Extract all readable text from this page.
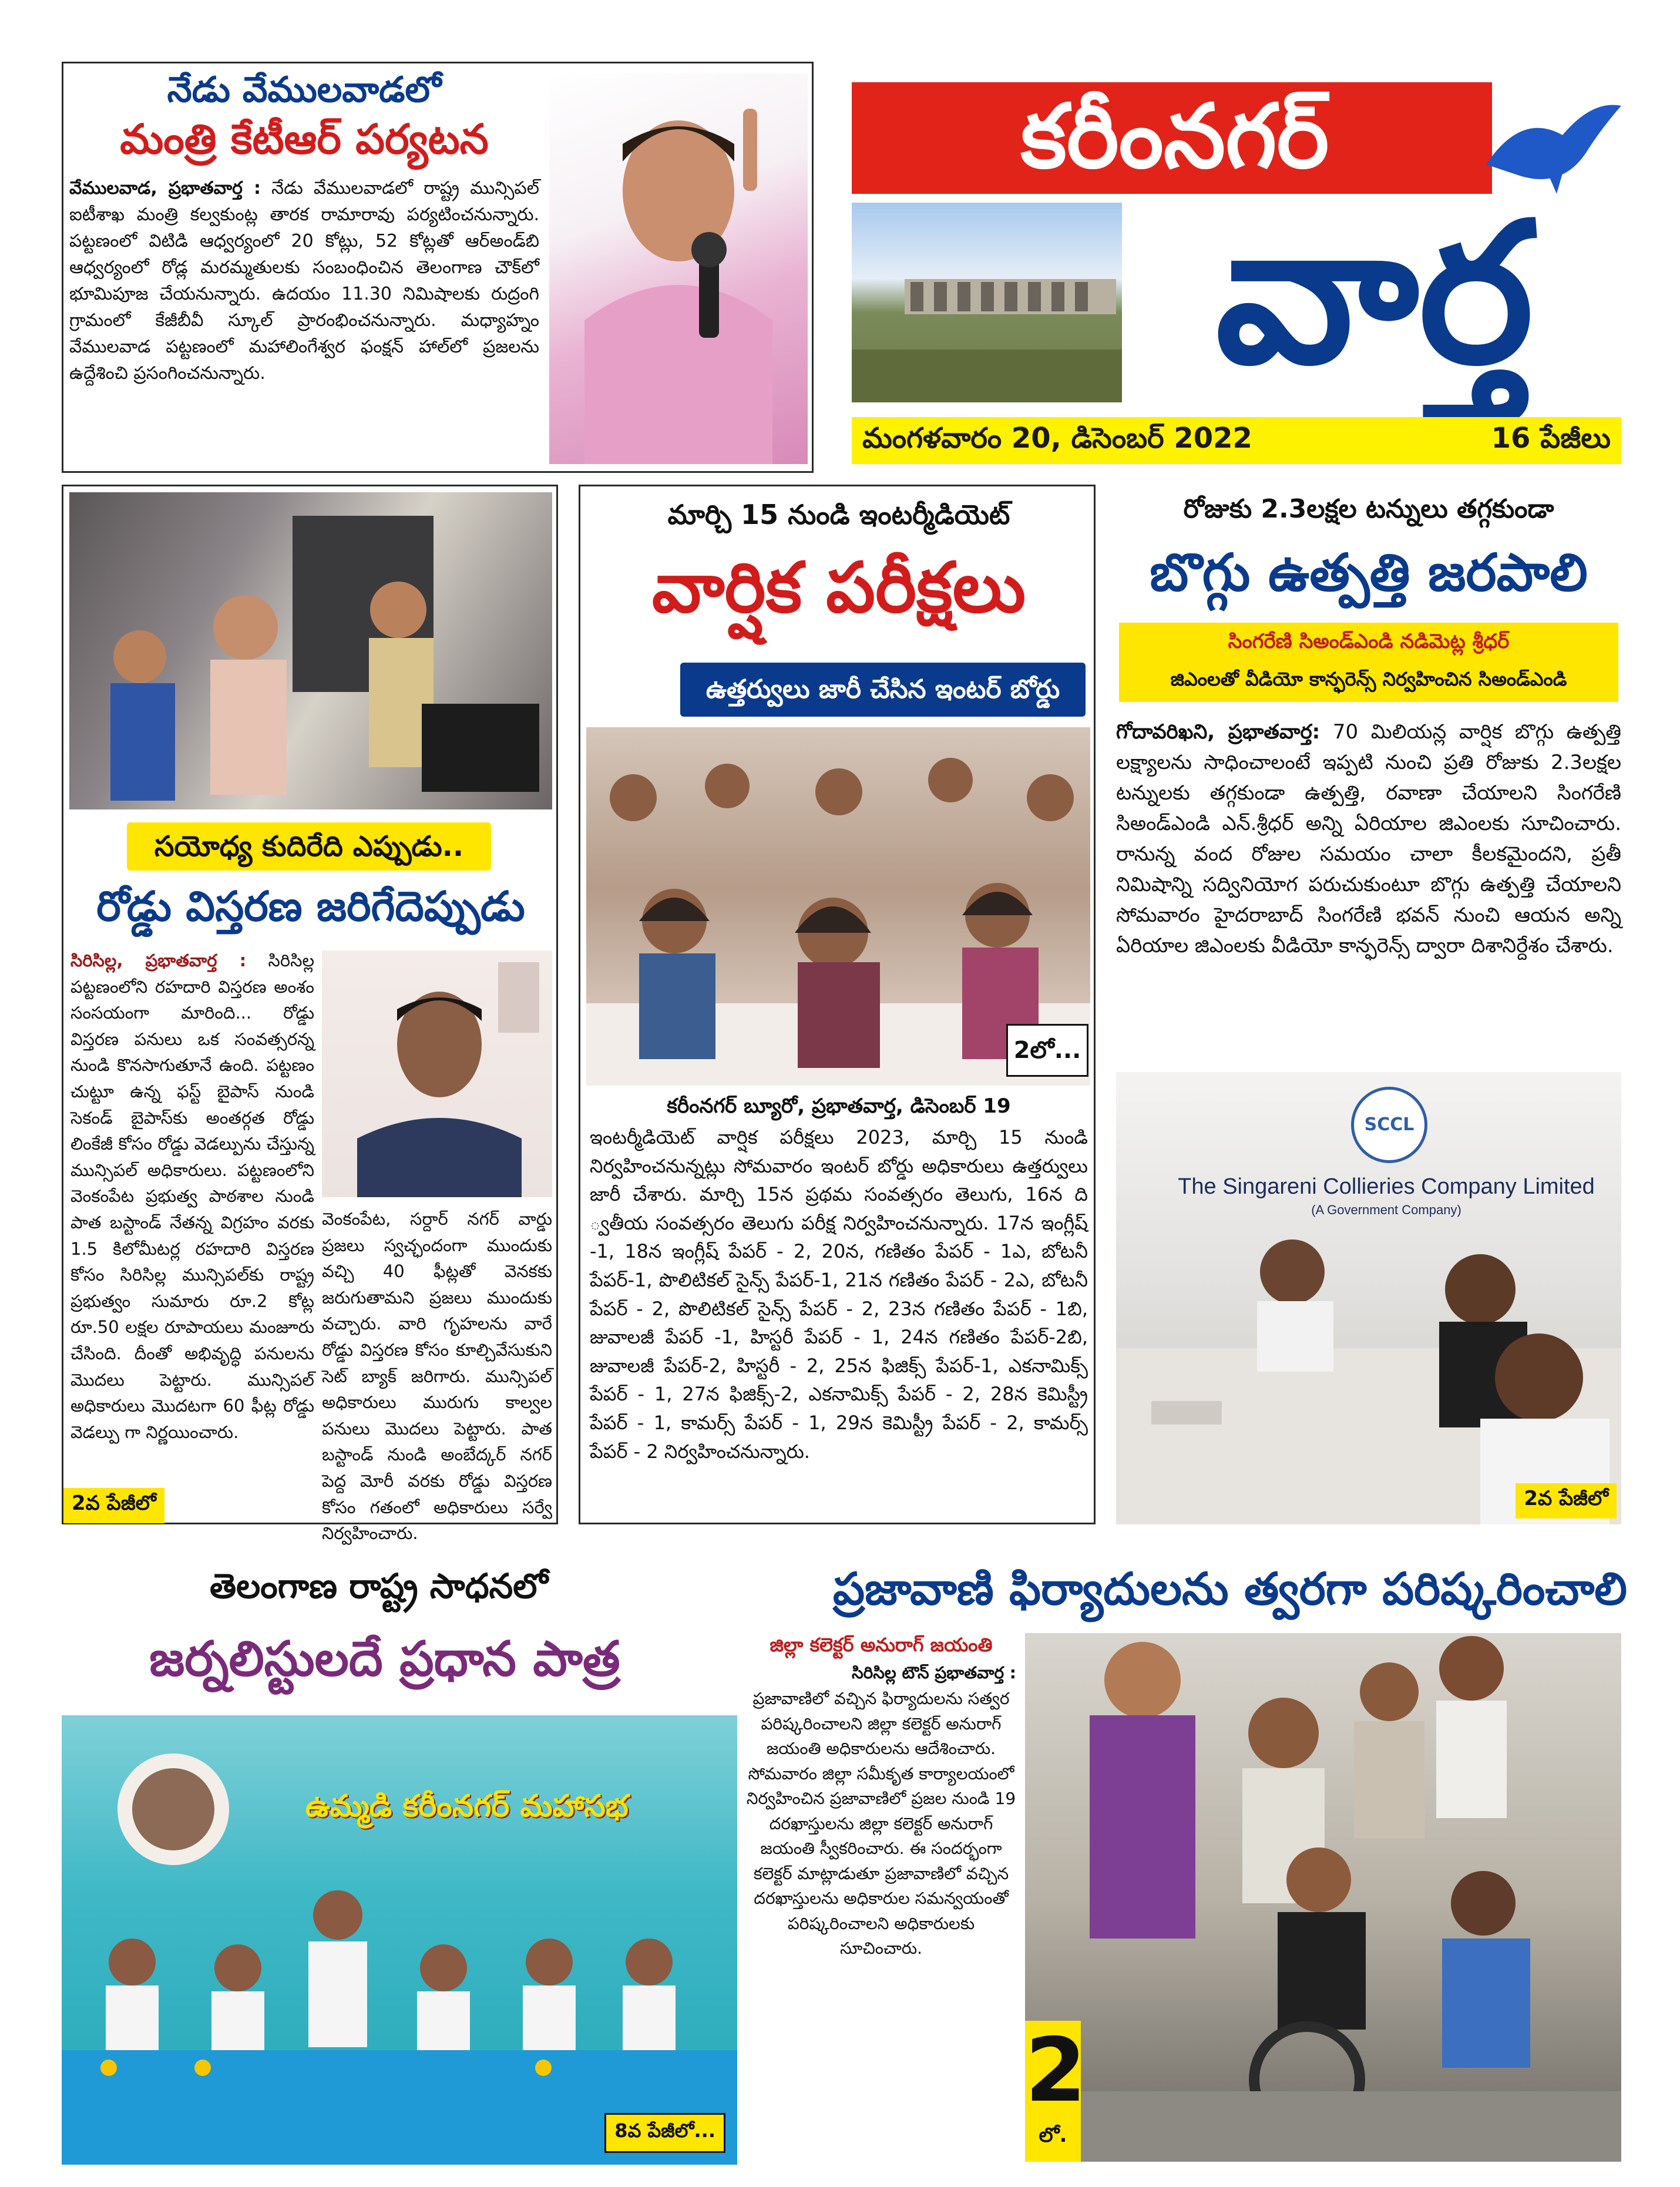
నేడు వేములవాడలో
మంత్రి కేటీఆర్ పర్యటన
వేములవాడ, ప్రభాతవార్త : నేడు వేములవాడలో రాష్ట్ర మున్సిపల్ ఐటీశాఖ మంత్రి కల్వకుంట్ల తారక రామారావు పర్యటించనున్నారు. పట్టణంలో విటిడి ఆధ్వర్యంలో 20 కోట్లు, 52 కోట్లతో ఆర్అండ్‌బి ఆధ్వర్యంలో రోడ్ల మరమ్మతులకు సంబంధించిన తెలంగాణ చౌక్‌లో భూమిపూజ చేయనున్నారు. ఉదయం 11.30 నిమిషాలకు రుద్రంగి గ్రామంలో కేజీబీవీ స్కూల్ ప్రారంభించనున్నారు. మధ్యాహ్నం వేములవాడ పట్టణంలో మహాలింగేశ్వర ఫంక్షన్ హాల్‌లో ప్రజలను ఉద్దేశించి ప్రసంగించనున్నారు.
కరీంనగర్
వార్త
మంగళవారం 20, డిసెంబర్ 2022	16 పేజీలు
సయోధ్య కుదిరేది ఎప్పుడు..
రోడ్డు విస్తరణ జరిగేదెప్పుడు
సిరిసిల్ల, ప్రభాతవార్త : సిరిసిల్ల పట్టణంలోని రహదారి విస్తరణ అంశం సంసయంగా మారింది... రోడ్డు విస్తరణ పనులు ఒక సంవత్సరన్న నుండి కొనసాగుతూనే ఉంది. పట్టణం చుట్టూ ఉన్న ఫస్ట్ బైపాస్ నుండి సెకండ్ బైపాస్‌కు అంతర్గత రోడ్డు లింకేజీ కోసం రోడ్డు వెడల్పును చేస్తున్న మున్సిపల్ అధికారులు. పట్టణంలోని వెంకంపేట ప్రభుత్వ పాఠశాల నుండి పాత బస్టాండ్ నేతన్న విగ్రహం వరకు 1.5 కిలోమీటర్ల రహదారి విస్తరణ కోసం సిరిసిల్ల మున్సిపల్‌కు రాష్ట్ర ప్రభుత్వం సుమారు రూ.2 కోట్ల రూ.50 లక్షల రూపాయలు మంజూరు చేసింది. దీంతో అభివృద్ధి పనులను మొదలు పెట్టారు. మున్సిపల్ అధికారులు మొదటగా 60 ఫీట్ల రోడ్డు వెడల్పు గా నిర్ణయించారు.
వెంకంపేట, సర్దార్ నగర్ వార్డు ప్రజలు స్వచ్ఛందంగా ముందుకు వచ్చి 40 ఫీట్లతో వెనకకు జరుగుతామని ప్రజలు ముందుకు వచ్చారు. వారి గృహలను వారే రోడ్డు విస్తరణ కోసం కూల్చివేసుకుని సెట్ బ్యాక్ జరిగారు. మున్సిపల్ అధికారులు మురుగు కాల్వల పనులు మొదలు పెట్టారు. పాత బస్టాండ్ నుండి అంబేద్కర్ నగర్ పెద్ద మోరీ వరకు రోడ్డు విస్తరణ కోసం గతంలో అధికారులు సర్వే నిర్వహించారు.
2వ పేజీలో
మార్చి 15 నుండి ఇంటర్మీడియెట్
వార్షిక పరీక్షలు
ఉత్తర్వులు జారీ చేసిన ఇంటర్ బోర్డు
2లో...
కరీంనగర్ బ్యూరో, ప్రభాతవార్త, డిసెంబర్ 19
ఇంటర్మీడియెట్ వార్షిక పరీక్షలు 2023, మార్చి 15 నుండి నిర్వహించనున్నట్లు సోమవారం ఇంటర్ బోర్డు అధికారులు ఉత్తర్వులు జారీ చేశారు. మార్చి 15న ప్రథమ సంవత్సరం తెలుగు, 16న ది ్వతీయ సంవత్సరం తెలుగు పరీక్ష నిర్వహించనున్నారు. 17న ఇంగ్లీష్ -1, 18న ఇంగ్లీష్ పేపర్ - 2, 20న, గణితం పేపర్ - 1ఎ, బోటనీ పేపర్-1, పొలిటికల్ సైన్స్ పేపర్-1, 21న గణితం పేపర్ - 2ఎ, బోటనీ పేపర్ - 2, పొలిటికల్ సైన్స్ పేపర్ - 2, 23న గణితం పేపర్ - 1బి, జువాలజీ పేపర్ -1, హిస్టరీ పేపర్ - 1, 24న గణితం పేపర్-2బి, జువాలజీ పేపర్-2, హిస్టరీ - 2, 25న ఫిజిక్స్ పేపర్-1, ఎకనామిక్స్ పేపర్ - 1, 27న ఫిజిక్స్-2, ఎకనామిక్స్ పేపర్ - 2, 28న కెమిస్ట్రీ పేపర్ - 1, కామర్స్ పేపర్ - 1, 29న కెమిస్ట్రీ పేపర్ - 2, కామర్స్ పేపర్ - 2 నిర్వహించనున్నారు.
రోజుకు 2.3లక్షల టన్నులు తగ్గకుండా
బొగ్గు ఉత్పత్తి జరపాలి
సింగరేణి సిఅండ్ఎండి నడిమెట్ల శ్రీధర్
జిఎంలతో వీడియో కాన్ఫరెన్స్ నిర్వహించిన సిఅండ్ఎండి
గోదావరిఖని, ప్రభాతవార్త: 70 మిలియన్ల వార్షిక బొగ్గు ఉత్పత్తి లక్ష్యాలను సాధించాలంటే ఇప్పటి నుంచి ప్రతి రోజుకు 2.3లక్షల టన్నులకు తగ్గకుండా ఉత్పత్తి, రవాణా చేయాలని సింగరేణి సిఅండ్ఎండి ఎన్.శ్రీధర్ అన్ని ఏరియాల జిఎంలకు సూచించారు. రానున్న వంద రోజుల సమయం చాలా కీలకమైందని, ప్రతీ నిమిషాన్ని సద్వినియోగ పరుచుకుంటూ బొగ్గు ఉత్పత్తి చేయాలని సోమవారం హైదరాబాద్ సింగరేణి భవన్ నుంచి ఆయన అన్ని ఏరియాల జిఎంలకు వీడియో కాన్ఫరెన్స్ ద్వారా దిశానిర్దేశం చేశారు.
SCCL
The Singareni Collieries Company Limited
(A Government Company)
2వ పేజీలో
తెలంగాణ రాష్ట్ర సాధనలో
జర్నలిస్టులదే ప్రధాన పాత్ర
ఉమ్మడి కరీంనగర్ మహాసభ
8వ పేజీలో...
ప్రజావాణి ఫిర్యాదులను త్వరగా పరిష్కరించాలి
జిల్లా కలెక్టర్ అనురాగ్ జయంతి
సిరిసిల్ల టౌన్ ప్రభాతవార్త :
ప్రజావాణిలో వచ్చిన ఫిర్యాదులను సత్వర పరిష్కరించాలని జిల్లా కలెక్టర్ అనురాగ్ జయంతి అధికారులను ఆదేశించారు. సోమవారం జిల్లా సమీకృత కార్యాలయంలో నిర్వహించిన ప్రజావాణిలో ప్రజల నుండి 19 దరఖాస్తులను జిల్లా కలెక్టర్ అనురాగ్ జయంతి స్వీకరించారు. ఈ సందర్భంగా కలెక్టర్ మాట్లాడుతూ ప్రజావాణిలో వచ్చిన దరఖాస్తులను అధికారుల సమన్వయంతో పరిష్కరించాలని అధికారులకు సూచించారు.
2
లో.
